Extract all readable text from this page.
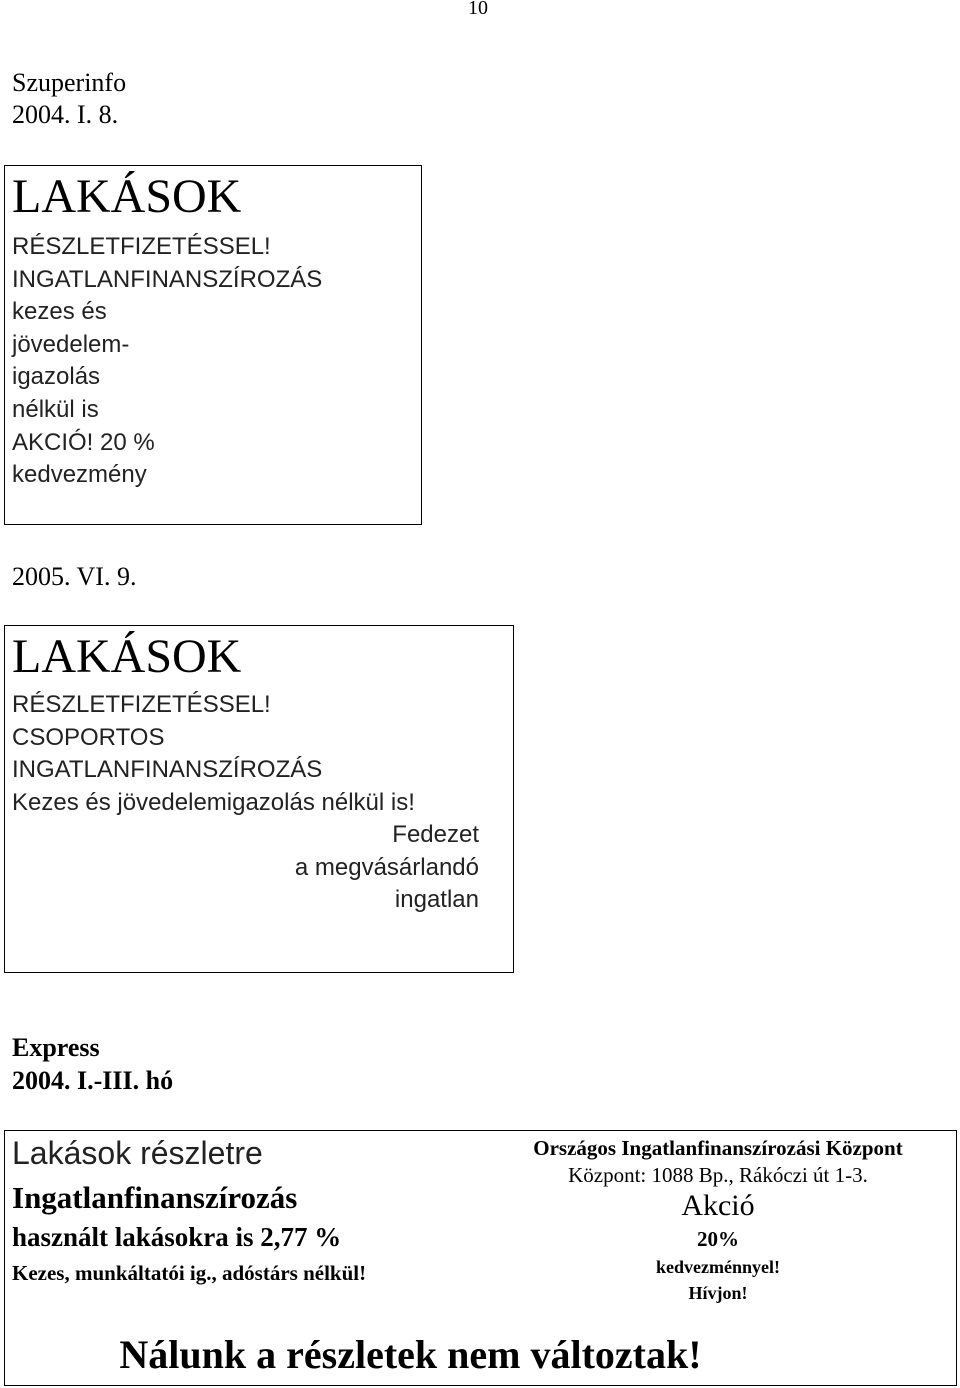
10
Szuperinfo
2004. I. 8.
LAKÁSOK
RÉSZLETFIZETÉSSEL!
INGATLANFINANSZÍROZÁS
kezes és
jövedelem-
igazolás
nélkül is
AKCIÓ! 20 %
kedvezmény
2005. VI. 9.
LAKÁSOK
RÉSZLETFIZETÉSSEL!
CSOPORTOS
INGATLANFINANSZÍROZÁS
Kezes és jövedelemigazolás nélkül is!
Fedezet
a megvásárlandó
ingatlan
Express
2004. I.-III. hó
Lakások részletre
Ingatlanfinanszírozás
használt lakásokra is 2,77 %
Kezes, munkáltatói ig., adóstárs nélkül!
Országos Ingatlanfinanszírozási Központ
Központ: 1088 Bp., Rákóczi út 1-3.
Akció
20%
kedvezménnyel!
Hívjon!
Nálunk a részletek nem változtak!
